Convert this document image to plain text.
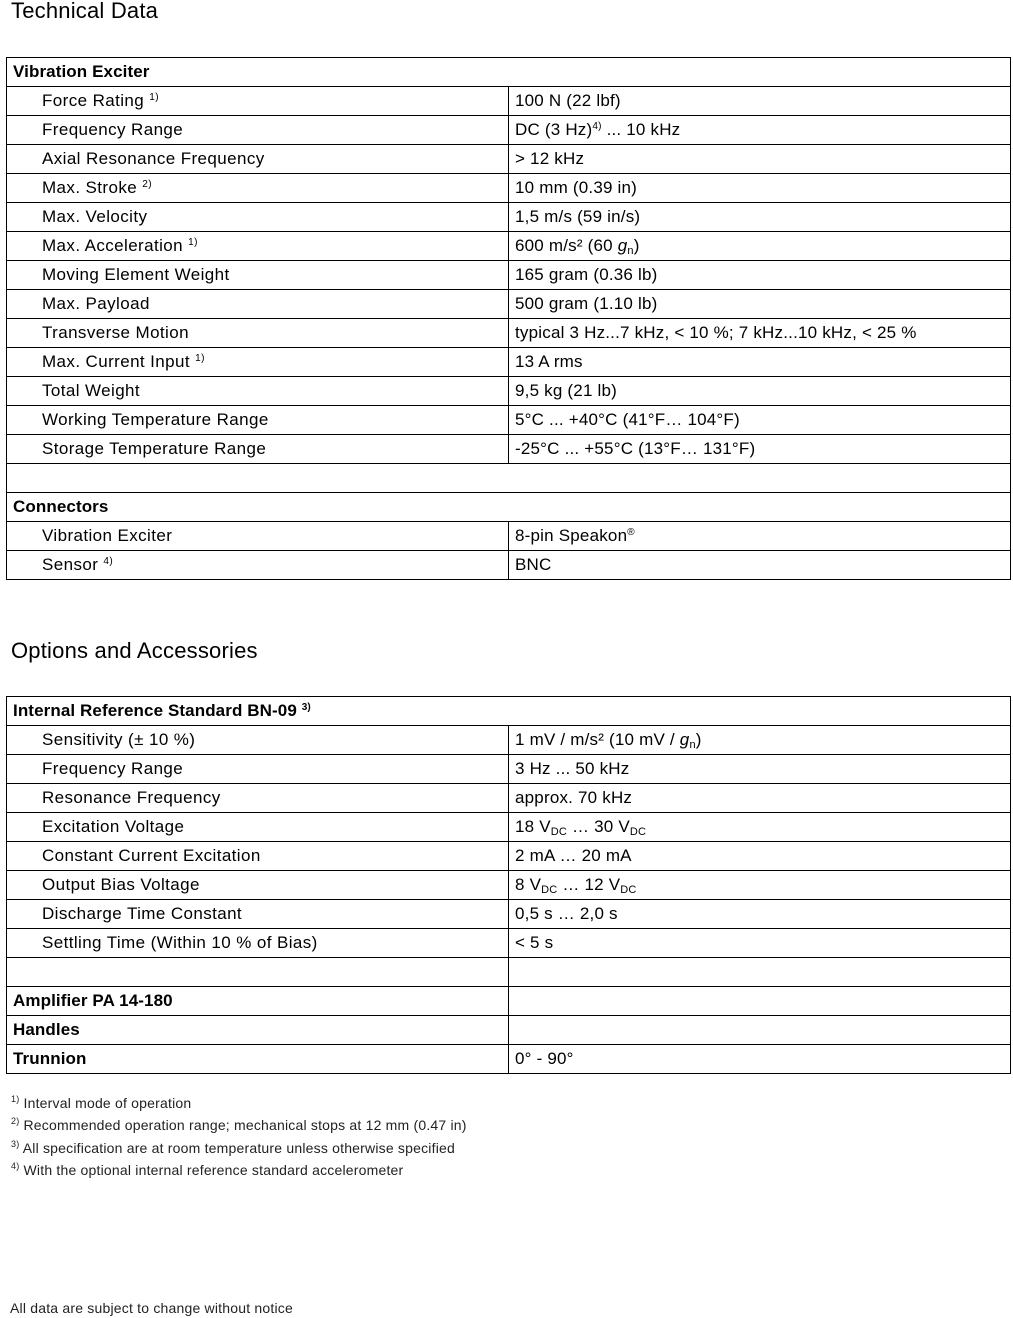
Technical Data
Vibration Exciter	
Force Rating $^{1)}$	100 N (22 lbf)
Frequency Range	DC (3 Hz)$^{4)}$ ... 10 kHz
Axial Resonance Frequency	> 12 kHz
Max. Stroke $^{2)}$	10 mm (0.39 in)
Max. Velocity	1,5 m/s (59 in/s)
Max. Acceleration $^{1)}$	600 m/s² (60 $g_n$)
Moving Element Weight	165 gram (0.36 lb)
Max. Payload	500 gram (1.10 lb)
Transverse Motion	typical 3 Hz...7 kHz, < 10 %; 7 kHz...10 kHz, < 25 %
Max. Current Input $^{1)}$	13 A rms
Total Weight	9,5 kg (21 lb)
Working Temperature Range	5°C ... +40°C (41°F… 104°F)
Storage Temperature Range	-25°C ... +55°C (13°F… 131°F)

Connectors	
Vibration Exciter	8-pin Speakon®
Sensor $^{4)}$	BNC
Options and Accessories
Internal Reference Standard BN-09 $^{3)}$
Sensitivity (± 10 %)	1 mV / m/s² (10 mV / $g_n$)
Frequency Range	3 Hz ... 50 kHz
Resonance Frequency	approx. 70 kHz
Excitation Voltage	18 $V_{DC}$ … 30 $V_{DC}$
Constant Current Excitation	2 mA … 20 mA
Output Bias Voltage	8 $V_{DC}$ … 12 $V_{DC}$
Discharge Time Constant	0,5 s … 2,0 s
Settling Time (Within 10 % of Bias)	< 5 s

Amplifier PA 14-180	
Handles	
Trunnion	0° - 90°
$^{1)}$ Interval mode of operation
$^{2)}$ Recommended operation range; mechanical stops at 12 mm (0.47 in)
$^{3)}$ All specification are at room temperature unless otherwise specified
$^{4)}$ With the optional internal reference standard accelerometer
All data are subject to change without notice
